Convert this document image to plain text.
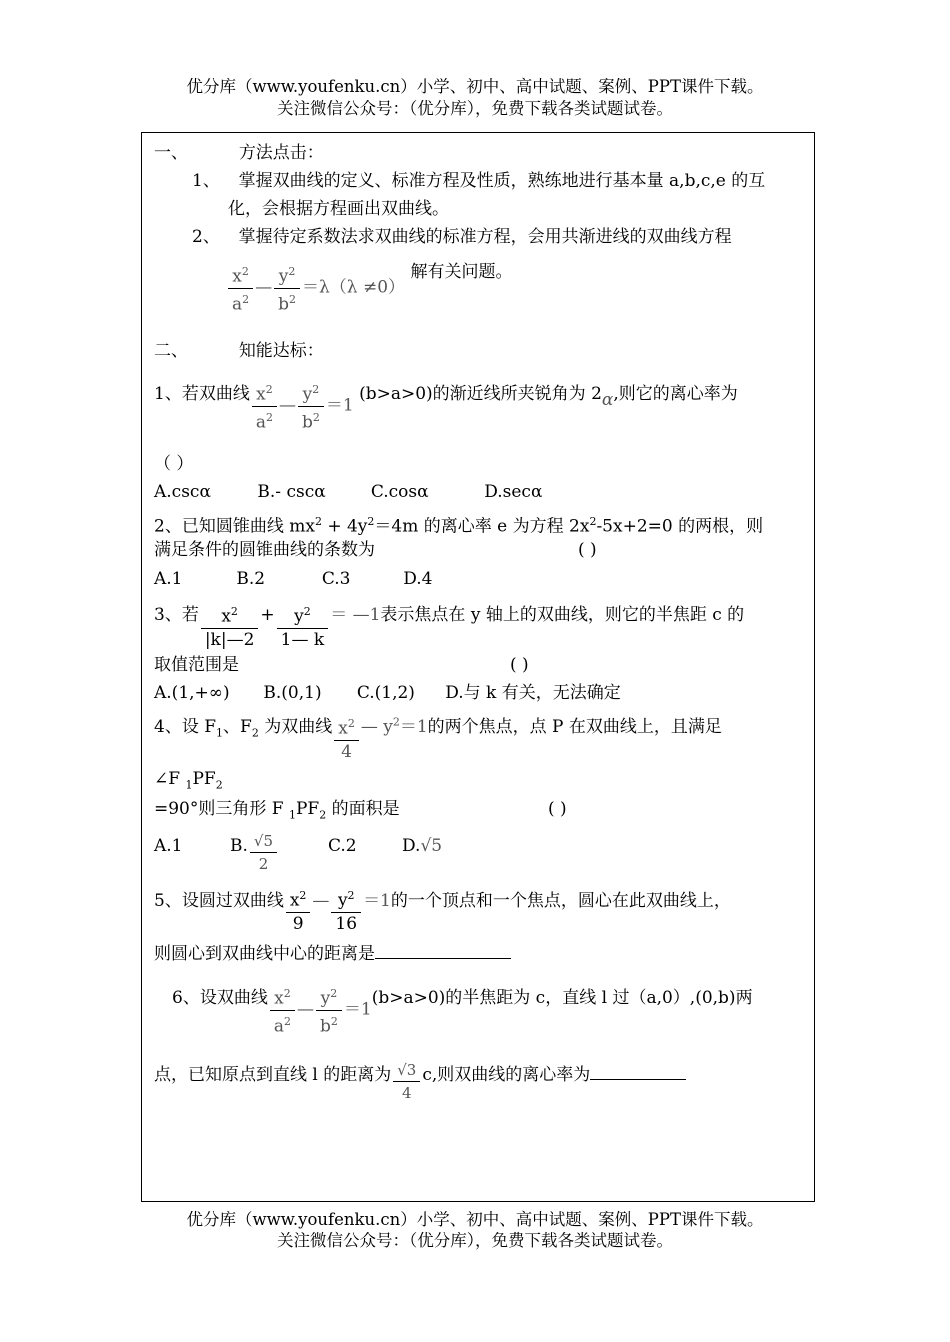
优分库（www.youfenku.cn）小学、初中、高中试题、案例、PPT课件下载。
关注微信公众号：（优分库），免费下载各类试题试卷。
一、	方法点击：
1、 掌握双曲线的定义、标准方程及性质，熟练地进行基本量 a,b,c,e 的互
化，会根据方程画出双曲线。
2、 掌握待定系数法求双曲线的标准方程，会用共渐进线的双曲线方程
$\frac{x^2}{a^2}$ — $\frac{y^2}{b^2} =\lambda(\lambda \ne 0)$ 解有关问题。
二、	知能达标：
1、若双曲线 $\frac{x^2}{a^2}$ — $\frac{y^2}{b^2} =1$ (b>a>0)的渐近线所夹锐角为 2α,则它的离心率为
（ ）
A.cscα	B.- cscα	C.cosα	D.secα
2、已知圆锥曲线 $mx^2 + 4y^2=4m$ 的离心率 e 为方程 $2x^2-5x+2=0$ 的两根，则
满足条件的圆锥曲线的条数为	( )
A.1	B.2	C.3	D.4
3、若 $\frac{x^2}{|k|—2} + \frac{y^2}{1— k}$ ＝ —1表示焦点在 y 轴上的双曲线，则它的半焦距 c 的
取值范围是	( )
A.(1,+∞) B.(0,1) C.(1,2) D.与 k 有关，无法确定
4、设 $F_1$、$F_2$ 为双曲线 $\frac{x^2}{4}$ — $y^2=1$的两个焦点，点 P 在双曲线上，且满足
∠F $_1PF_2$
=90°则三角形 F $_1PF_2$ 的面积是	( )
A.1	B. $\frac{√5}{2}$	C.2	D.√5
5、设圆过双曲线 $\frac{x^2}{9}$ — $\frac{y^2}{16} =1$的一个顶点和一个焦点，圆心在此双曲线上，
则圆心到双曲线中心的距离是
6、设双曲线 $\frac{x^2}{a^2}$ — $\frac{y^2}{b^2} =1(b>a>0)$的半焦距为 c，直线 l 过（a,0）,(0,b)两
点，已知原点到直线 l 的距离为 $\frac{√3}{4} c$,则双曲线的离心率为
优分库（www.youfenku.cn）小学、初中、高中试题、案例、PPT课件下载。
关注微信公众号：（优分库），免费下载各类试题试卷。
